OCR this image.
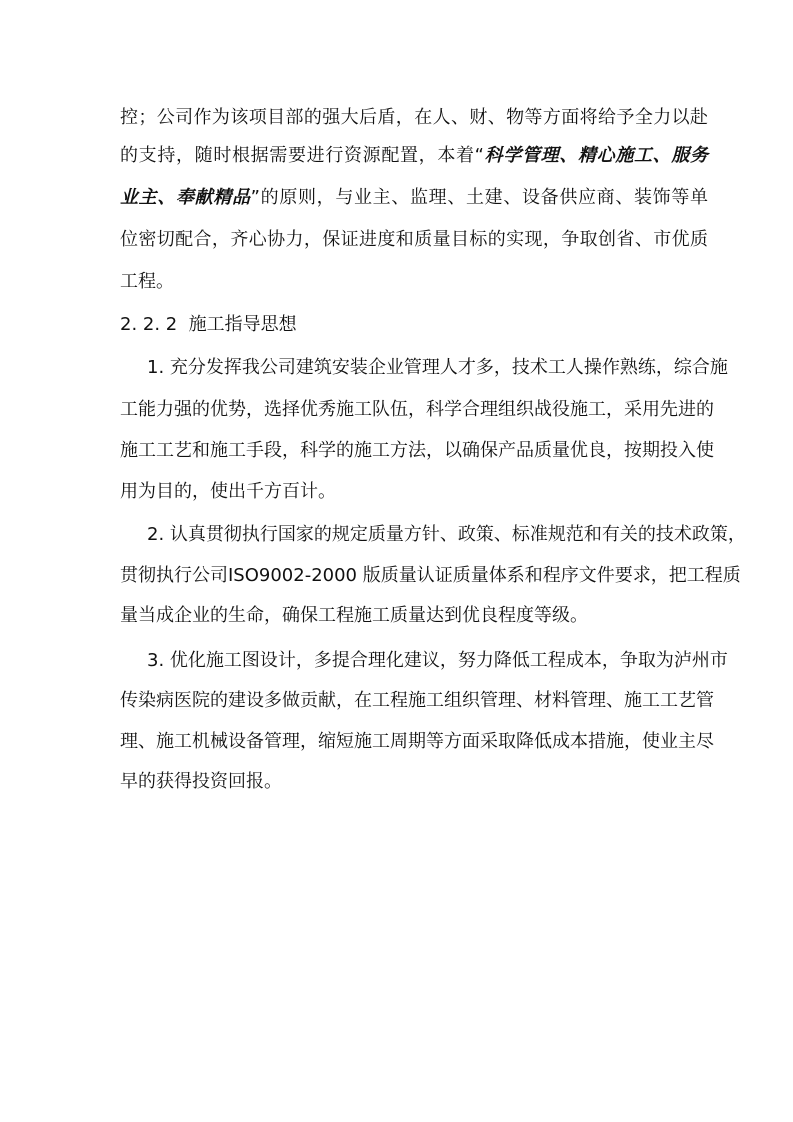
控；公司作为该项目部的强大后盾，在人、财、物等方面将给予全力以赴
的支持，随时根据需要进行资源配置，本着“科学管理、精心施工、服务
业主、奉献精品”的原则，与业主、监理、土建、设备供应商、装饰等单
位密切配合，齐心协力，保证进度和质量目标的实现，争取创省、市优质
工程。
2. 2. 2  施工指导思想
1. 充分发挥我公司建筑安装企业管理人才多，技术工人操作熟练，综合施
工能力强的优势，选择优秀施工队伍，科学合理组织战役施工，采用先进的
施工工艺和施工手段，科学的施工方法，以确保产品质量优良，按期投入使
用为目的，使出千方百计。
2. 认真贯彻执行国家的规定质量方针、政策、标准规范和有关的技术政策，
贯彻执行公司ISO9002-2000 版质量认证质量体系和程序文件要求，把工程质
量当成企业的生命，确保工程施工质量达到优良程度等级。
3. 优化施工图设计，多提合理化建议，努力降低工程成本，争取为泸州市
传染病医院的建设多做贡献，在工程施工组织管理、材料管理、施工工艺管
理、施工机械设备管理，缩短施工周期等方面采取降低成本措施，使业主尽
早的获得投资回报。
